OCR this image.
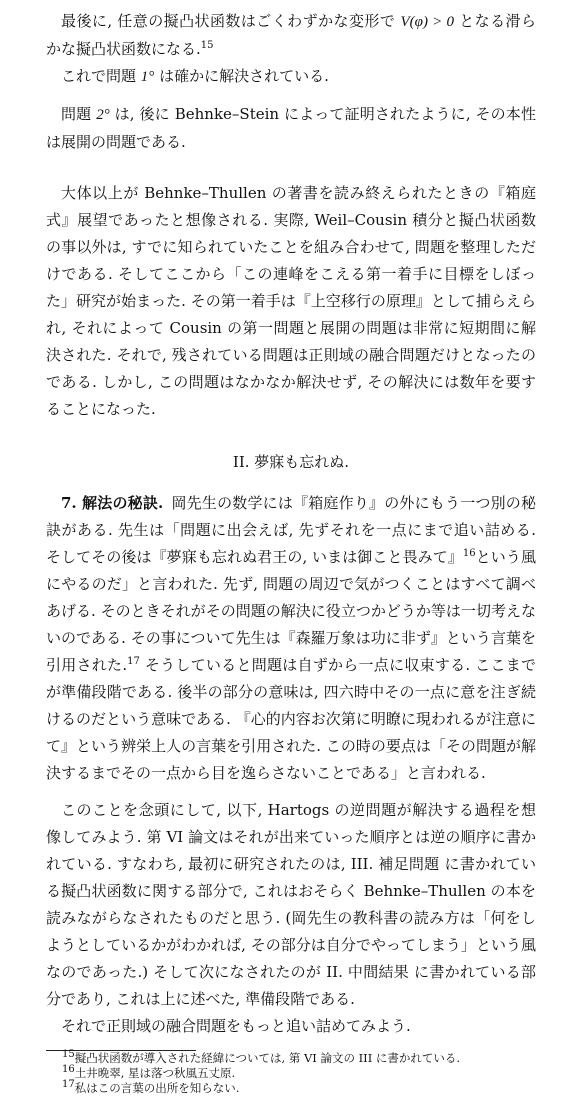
最後に, 任意の擬凸状函数はごくわずかな変形で V(φ) > 0 となる滑らかな擬凸状函数になる.$^{15}$

これで問題 1° は確かに解決されている.

問題 2° は, 後に Behnke–Stein によって証明されたように, その本性は展開の問題である.

大体以上が Behnke–Thullen の著書を読み終えられたときの『箱庭式』展望であったと想像される. 実際, Weil–Cousin 積分と擬凸状函数の事以外は, すでに知られていたことを組み合わせて, 問題を整理しただけである. そしてここから「この連峰をこえる第一着手に目標をしぼった」研究が始まった. その第一着手は『上空移行の原理』として捕らえられ, それによって Cousin の第一問題と展開の問題は非常に短期間に解決された. それで, 残されている問題は正則域の融合問題だけとなったのである. しかし, この問題はなかなか解決せず, その解決には数年を要することになった.

II. 夢寐も忘れぬ.

7. 解法の秘訣. 岡先生の数学には『箱庭作り』の外にもう一つ別の秘訣がある. 先生は「問題に出会えば, 先ずそれを一点にまで追い詰める. そしてその後は『夢寐も忘れぬ君王の, いまは御こと畏みて』$^{16}$という風にやるのだ」と言われた. 先ず, 問題の周辺で気がつくことはすべて調べあげる. そのときそれがその問題の解決に役立つかどうか等は一切考えないのである. その事について先生は『森羅万象は功に非ず』という言葉を引用された.$^{17}$ そうしていると問題は自ずから一点に収束する. ここまでが準備段階である. 後半の部分の意味は, 四六時中その一点に意を注ぎ続けるのだという意味である. 『心的内容お次第に明瞭に現われるが注意にて』という辨栄上人の言葉を引用された. この時の要点は「その問題が解決するまでその一点から目を逸らさないことである」と言われる.

このことを念頭にして, 以下, Hartogs の逆問題が解決する過程を想像してみよう. 第 VI 論文はそれが出来ていった順序とは逆の順序に書かれている. すなわち, 最初に研究されたのは, III. 補足問題 に書かれている擬凸状函数に関する部分で, これはおそらく Behnke–Thullen の本を読みながらなされたものだと思う. (岡先生の教科書の読み方は「何をしようとしているかがわかれば, その部分は自分でやってしまう」という風なのであった.) そして次になされたのが II. 中間結果 に書かれている部分であり, これは上に述べた, 準備段階である.

それで正則域の融合問題をもっと追い詰めてみよう.

15擬凸状函数が導入された経緯については, 第 VI 論文の III に書かれている.

16土井晩翠, 星は落つ秋風五丈原.

17私はこの言葉の出所を知らない.
